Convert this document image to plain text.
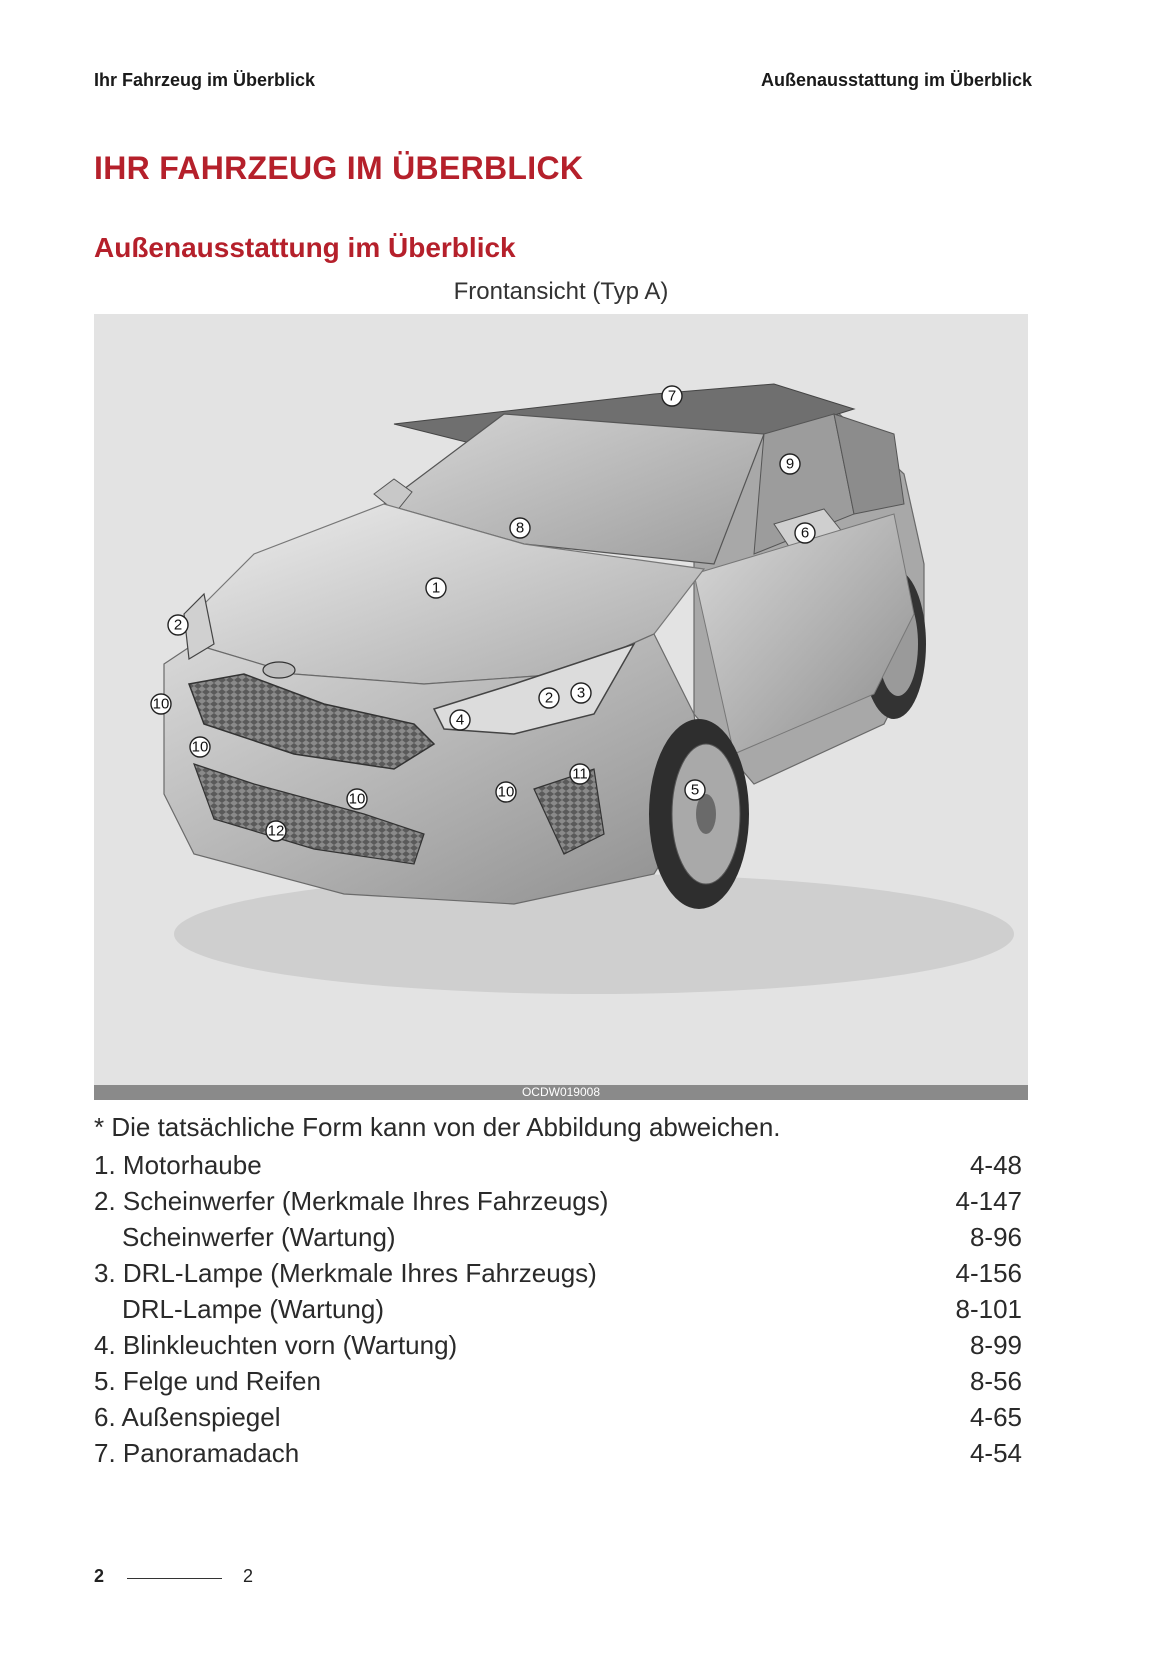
Ihr Fahrzeug im Überblick	Außenausstattung im Überblick
IHR FAHRZEUG IM ÜBERBLICK
Außenausstattung im Überblick
Frontansicht (Typ A)
1
2
2 3
4
5
6
7
8
9
10
10
10	10
11
12
OCDW019008
* Die tatsächliche Form kann von der Abbildung abweichen.
1. Motorhaube	4-48
2. Scheinwerfer (Merkmale Ihres Fahrzeugs)	4-147
Scheinwerfer (Wartung)	8-96
3. DRL-Lampe (Merkmale Ihres Fahrzeugs)	4-156
DRL-Lampe (Wartung)	8-101
4. Blinkleuchten vorn (Wartung)	8-99
5. Felge und Reifen	8-56
6. Außenspiegel	4-65
7. Panoramadach	4-54
2	2
